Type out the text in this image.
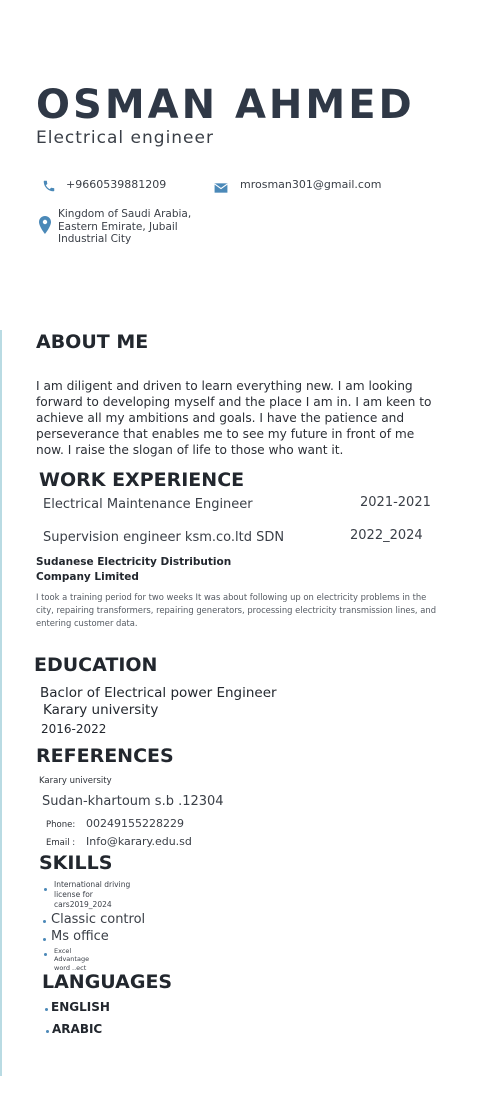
OSMAN AHMED
Electrical engineer
+9660539881209	mrosman301@gmail.com
Kingdom of Saudi Arabia,
Eastern Emirate, Jubail
Industrial City
ABOUT ME
I am diligent and driven to learn everything new. I am looking forward to developing myself and the place I am in. I am keen to achieve all my ambitions and goals. I have the patience and perseverance that enables me to see my future in front of me now. I raise the slogan of life to those who want it.
WORK EXPERIENCE
Electrical Maintenance Engineer	2021-2021
Supervision engineer ksm.co.ltd SDN	2022_2024
Sudanese Electricity Distribution
Company Limited
I took a training period for two weeks It was about following up on electricity problems in the city, repairing transformers, repairing generators, processing electricity transmission lines, and entering customer data.
EDUCATION
Baclor of Electrical power Engineer
Karary university
2016-2022
REFERENCES
Karary university
Sudan-khartoum s.b .12304
Phone: 00249155228229
Email : Info@karary.edu.sd
SKILLS
International driving
license for
cars2019_2024
Classic control
Ms office
Excel
Advantage
word ..ect
LANGUAGES
ENGLISH
ARABIC
